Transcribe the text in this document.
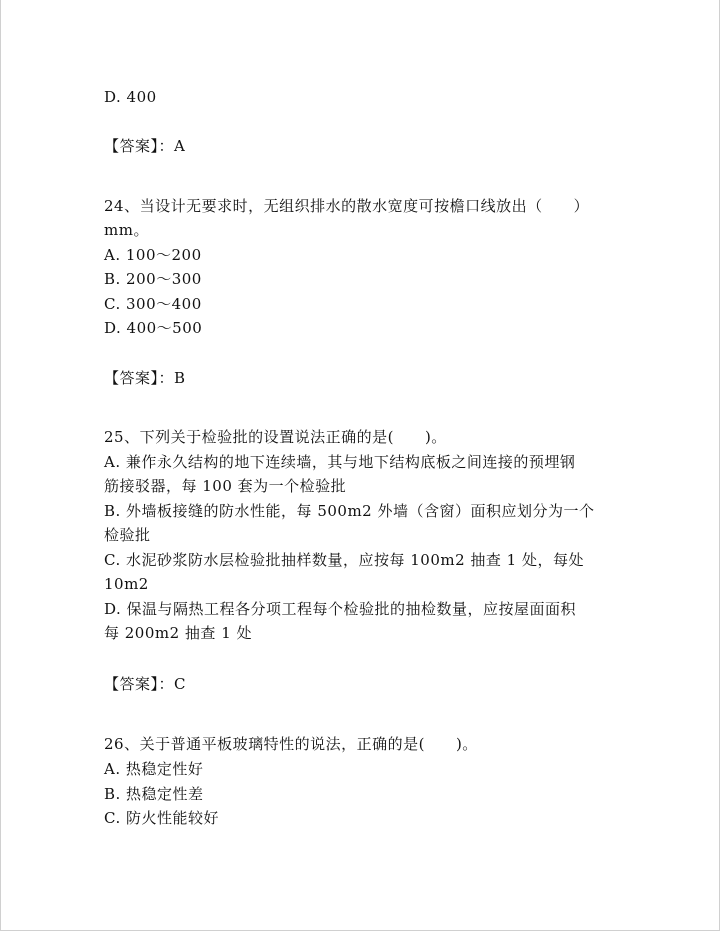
D. 400
【答案】：A
24、当设计无要求时，无组织排水的散水宽度可按檐口线放出（　　）
mm。
A. 100～200
B. 200～300
C. 300～400
D. 400～500
【答案】：B
25、下列关于检验批的设置说法正确的是(　　)。
A. 兼作永久结构的地下连续墙，其与地下结构底板之间连接的预埋钢
筋接驳器，每 100 套为一个检验批
B. 外墙板接缝的防水性能，每 500m2 外墙（含窗）面积应划分为一个
检验批
C. 水泥砂浆防水层检验批抽样数量，应按每 100m2 抽查 1 处，每处
10m2
D. 保温与隔热工程各分项工程每个检验批的抽检数量，应按屋面面积
每 200m2 抽查 1 处
【答案】：C
26、关于普通平板玻璃特性的说法，正确的是(　　)。
A. 热稳定性好
B. 热稳定性差
C. 防火性能较好
